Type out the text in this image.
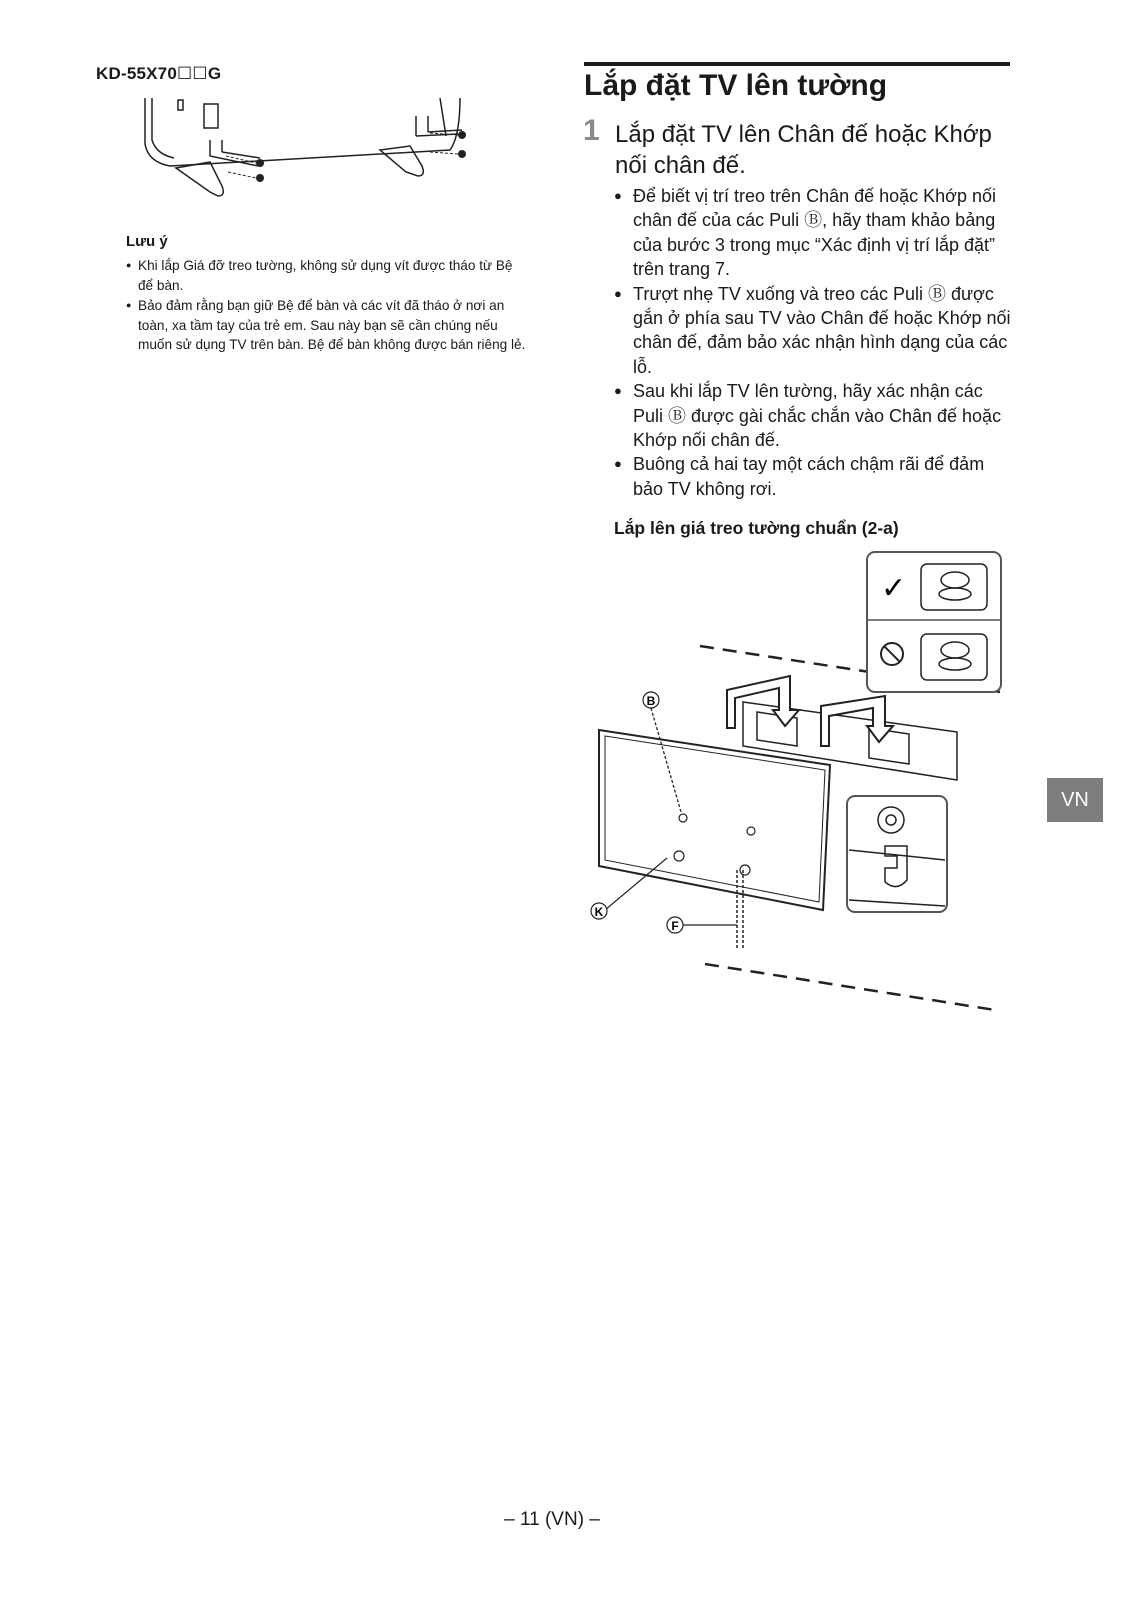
KD-55X70☐☐G
Lưu ý
● Khi lắp Giá đỡ treo tường, không sử dụng vít được tháo từ Bệ để bàn.
● Bảo đảm rằng bạn giữ Bệ để bàn và các vít đã tháo ở nơi an toàn, xa tầm tay của trẻ em. Sau này bạn sẽ cần chúng nếu muốn sử dụng TV trên bàn. Bệ để bàn không được bán riêng lẻ.
Lắp đặt TV lên tường
1 Lắp đặt TV lên Chân đế hoặc Khớp nối chân đế.
● Để biết vị trí treo trên Chân đế hoặc Khớp nối chân đế của các Puli Ⓑ, hãy tham khảo bảng của bước 3 trong mục “Xác định vị trí lắp đặt” trên trang 7.
● Trượt nhẹ TV xuống và treo các Puli Ⓑ được gắn ở phía sau TV vào Chân đế hoặc Khớp nối chân đế, đảm bảo xác nhận hình dạng của các lỗ.
● Sau khi lắp TV lên tường, hãy xác nhận các Puli Ⓑ được gài chắc chắn vào Chân đế hoặc Khớp nối chân đế.
● Buông cả hai tay một cách chậm rãi để đảm bảo TV không rơi.
Lắp lên giá treo tường chuẩn (2-a)
B
K
F
✓
VN
– 11 (VN) –
